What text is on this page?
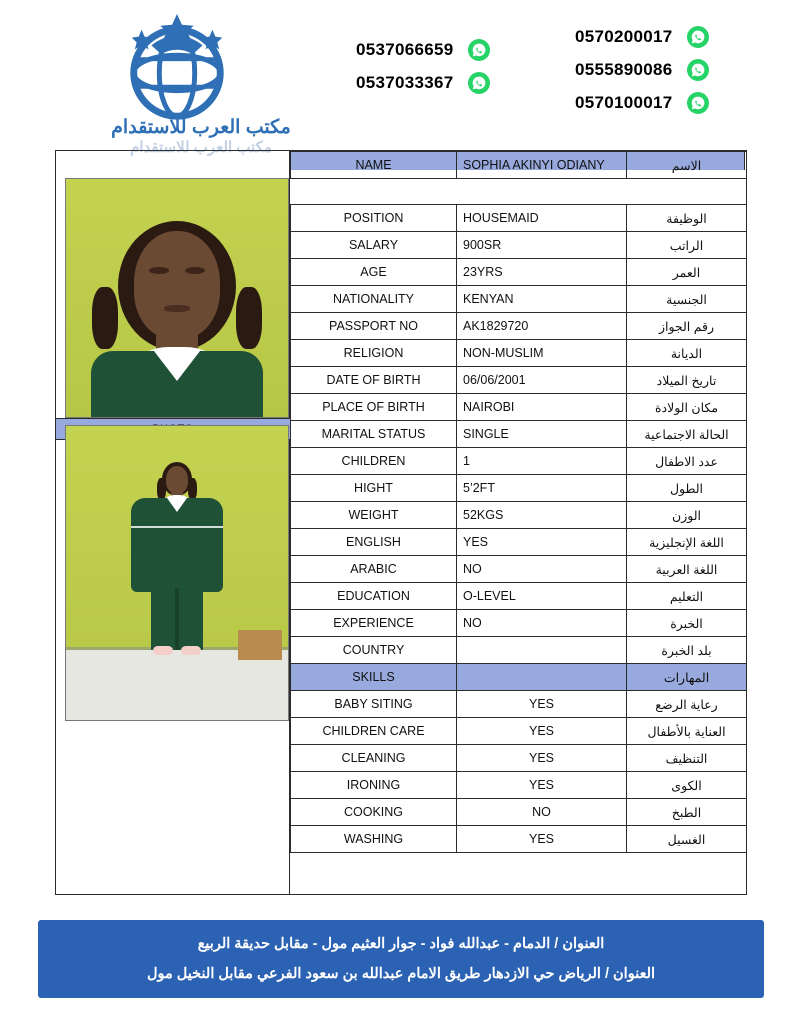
مكتب العرب للاستقدام
مكتب العرب للاستقدام
0537066659
0537033367
0570200017
0555890086
0570100017
NAME	SOPHIA AKINYI ODIANY	الاسم

POSITION	HOUSEMAID	الوظيفة
SALARY	900SR	الراتب
AGE	23YRS	العمر
NATIONALITY	KENYAN	الجنسية
PASSPORT NO	AK1829720	رقم الجواز
RELIGION	NON-MUSLIM	الديانة
DATE OF BIRTH	06/06/2001	تاريخ الميلاد
PLACE OF BIRTH	NAIROBI	مكان الولادة
MARITAL STATUS	SINGLE	الحالة الاجتماعية
CHILDREN	1	عدد الاطفال
HIGHT	5’2FT	الطول
WEIGHT	52KGS	الوزن
ENGLISH	YES	اللغة الإنجليزية
ARABIC	NO	اللغة العربية
EDUCATION	O-LEVEL	التعليم
EXPERIENCE	NO	الخبرة
COUNTRY		بلد الخبرة
SKILLS		المهارات
BABY SITING	YES	رعاية الرضع
CHILDREN CARE	YES	العناية بالأطفال
CLEANING	YES	التنظيف
IRONING	YES	الكوى
COOKING	NO	الطبخ
WASHING	YES	الغسيل
العنوان / الدمام - عبدالله فواد - جوار العثيم مول - مقابل حديقة الربيع
العنوان / الرياض حي الازدهار طريق الامام عبدالله بن سعود الفرعي مقابل النخيل مول
